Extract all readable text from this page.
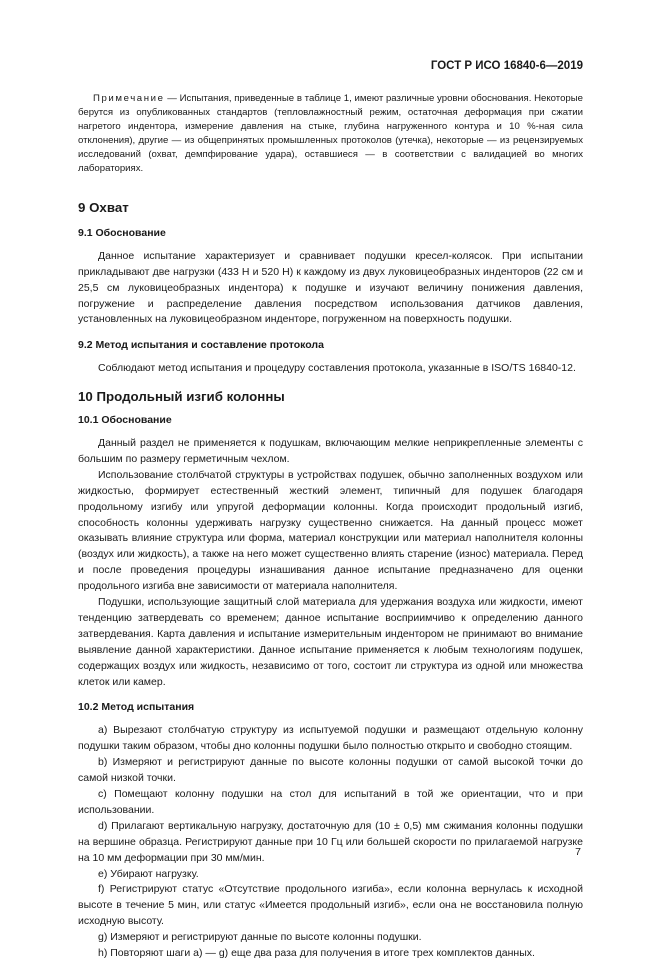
ГОСТ Р ИСО 16840-6—2019

Примечание — Испытания, приведенные в таблице 1, имеют различные уровни обоснования. Некоторые берутся из опубликованных стандартов (тепловлажностный режим, остаточная деформация при сжатии нагретого индентора, измерение давления на стыке, глубина нагруженного контура и 10 %-ная сила отклонения), другие — из общепринятых промышленных протоколов (утечка), некоторые — из рецензируемых исследований (охват, демпфирование удара), оставшиеся — в соответствии с валидацией во многих лабораториях.

9 Охват
9.1 Обоснование

Данное испытание характеризует и сравнивает подушки кресел-колясок. При испытании прикладывают две нагрузки (433 Н и 520 Н) к каждому из двух луковицеобразных инденторов (22 см и 25,5 см луковицеобразных индентора) к подушке и изучают величину понижения давления, погружение и распределение давления посредством использования датчиков давления, установленных на луковицеобразном инденторе, погруженном на поверхность подушки.

9.2 Метод испытания и составление протокола

Соблюдают метод испытания и процедуру составления протокола, указанные в ISO/TS 16840-12.

10 Продольный изгиб колонны
10.1 Обоснование

Данный раздел не применяется к подушкам, включающим мелкие неприкрепленные элементы с большим по размеру герметичным чехлом.

Использование столбчатой структуры в устройствах подушек, обычно заполненных воздухом или жидкостью, формирует естественный жесткий элемент, типичный для подушек благодаря продольному изгибу или упругой деформации колонны. Когда происходит продольный изгиб, способность колонны удерживать нагрузку существенно снижается. На данный процесс может оказывать влияние структура или форма, материал конструкции или материал наполнителя колонны (воздух или жидкость), а также на него может существенно влиять старение (износ) материала. Перед и после проведения процедуры изнашивания данное испытание предназначено для оценки продольного изгиба вне зависимости от материала наполнителя.

Подушки, использующие защитный слой материала для удержания воздуха или жидкости, имеют тенденцию затвердевать со временем; данное испытание восприимчиво к определению данного затвердевания. Карта давления и испытание измерительным индентором не принимают во внимание выявление данной характеристики. Данное испытание применяется к любым технологиям подушек, содержащих воздух или жидкость, независимо от того, состоит ли структура из одной или множества клеток или камер.

10.2 Метод испытания

a) Вырезают столбчатую структуру из испытуемой подушки и размещают отдельную колонну подушки таким образом, чтобы дно колонны подушки было полностью открыто и свободно стоящим.

b) Измеряют и регистрируют данные по высоте колонны подушки от самой высокой точки до самой низкой точки.

c) Помещают колонну подушки на стол для испытаний в той же ориентации, что и при использовании.

d) Прилагают вертикальную нагрузку, достаточную для (10 ± 0,5) мм сжимания колонны подушки на вершине образца. Регистрируют данные при 10 Гц или большей скорости по прилагаемой нагрузке на 10 мм деформации при 30 мм/мин.

e) Убирают нагрузку.

f) Регистрируют статус «Отсутствие продольного изгиба», если колонна вернулась к исходной высоте в течение 5 мин, или статус «Имеется продольный изгиб», если она не восстановила полную исходную высоту.

g) Измеряют и регистрируют данные по высоте колонны подушки.

h) Повторяют шаги a) — g) еще два раза для получения в итоге трех комплектов данных.

7
